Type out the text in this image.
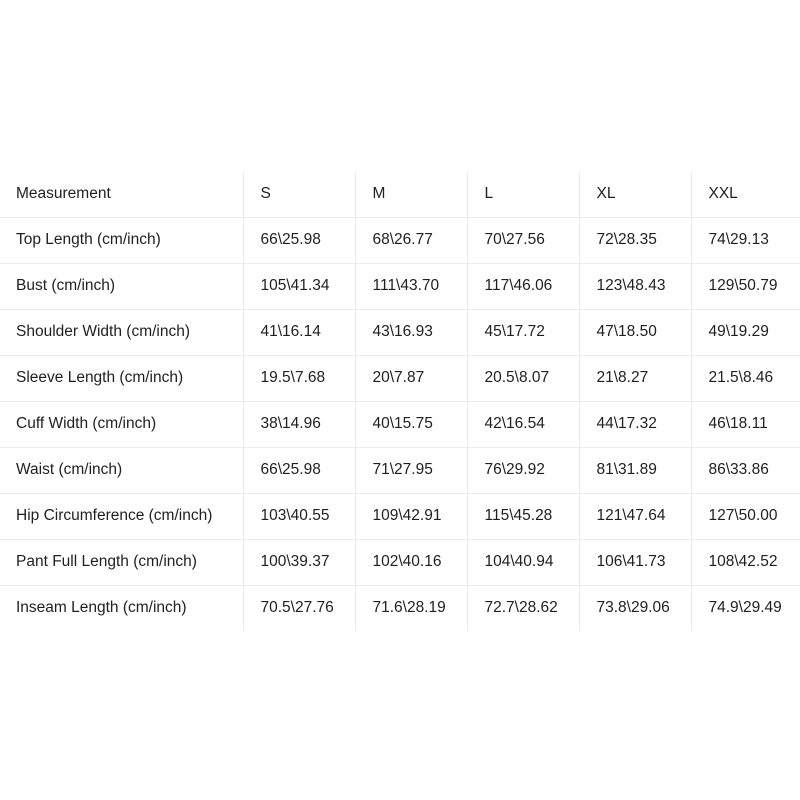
Measurement	S	M	L	XL	XXL
Top Length (cm/inch)	66\25.98	68\26.77	70\27.56	72\28.35	74\29.13
Bust (cm/inch)	105\41.34	111\43.70	117\46.06	123\48.43	129\50.79
Shoulder Width (cm/inch)	41\16.14	43\16.93	45\17.72	47\18.50	49\19.29
Sleeve Length (cm/inch)	19.5\7.68	20\7.87	20.5\8.07	21\8.27	21.5\8.46
Cuff Width (cm/inch)	38\14.96	40\15.75	42\16.54	44\17.32	46\18.11
Waist (cm/inch)	66\25.98	71\27.95	76\29.92	81\31.89	86\33.86
Hip Circumference (cm/inch)	103\40.55	109\42.91	115\45.28	121\47.64	127\50.00
Pant Full Length (cm/inch)	100\39.37	102\40.16	104\40.94	106\41.73	108\42.52
Inseam Length (cm/inch)	70.5\27.76	71.6\28.19	72.7\28.62	73.8\29.06	74.9\29.49
